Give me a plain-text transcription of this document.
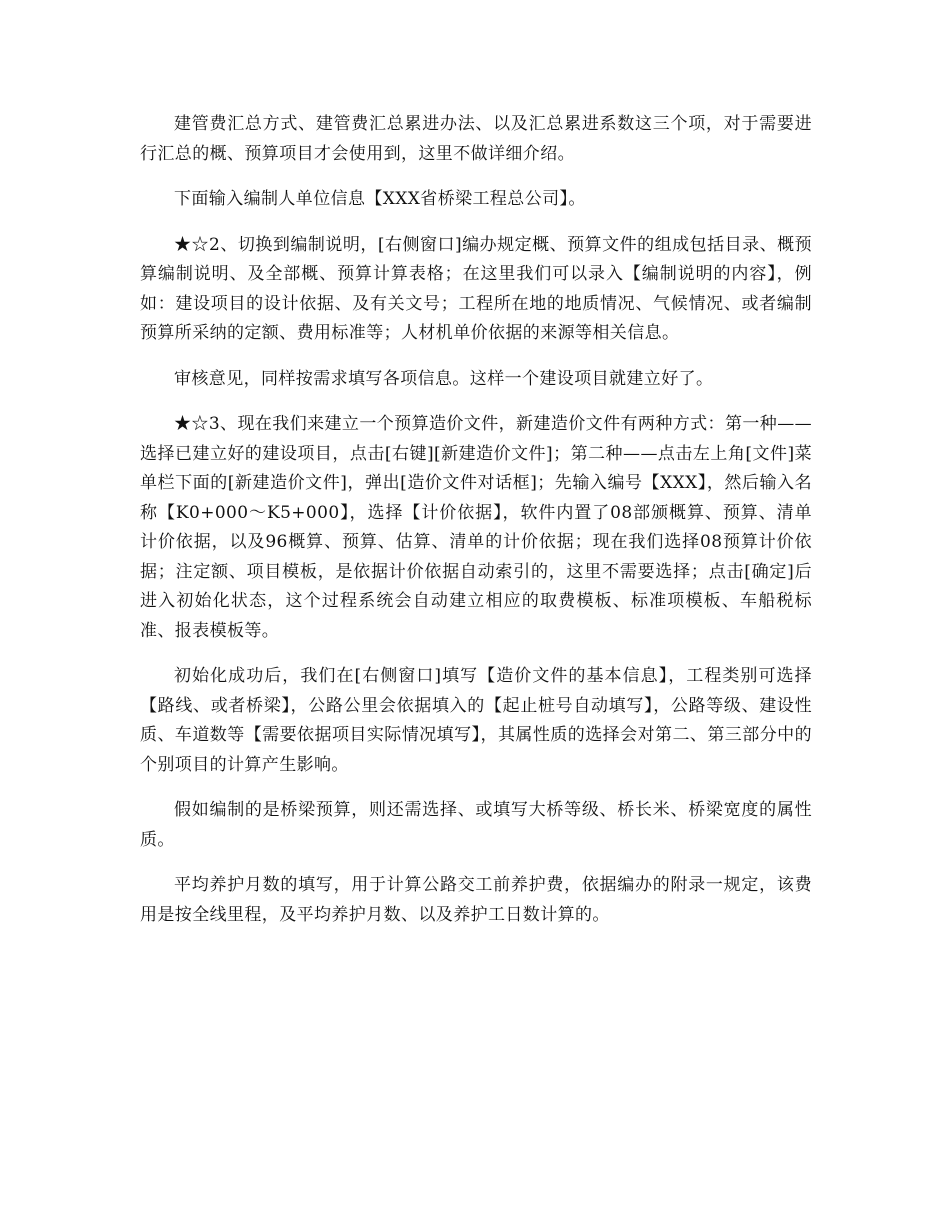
建管费汇总方式、建管费汇总累进办法、以及汇总累进系数这三个项，对于需要进行汇总的概、预算项目才会使用到，这里不做详细介绍。

下面输入编制人单位信息【XXX省桥梁工程总公司】。

★☆2、切换到编制说明，[右侧窗口]编办规定概、预算文件的组成包括目录、概预算编制说明、及全部概、预算计算表格；在这里我们可以录入【编制说明的内容】，例如：建设项目的设计依据、及有关文号；工程所在地的地质情况、气候情况、或者编制预算所采纳的定额、费用标准等；人材机单价依据的来源等相关信息。

审核意见，同样按需求填写各项信息。这样一个建设项目就建立好了。

★☆3、现在我们来建立一个预算造价文件，新建造价文件有两种方式：第一种——选择已建立好的建设项目，点击[右键][新建造价文件]；第二种——点击左上角[文件]菜单栏下面的[新建造价文件]，弹出[造价文件对话框]；先输入编号【XXX】，然后输入名称【K0+000～K5+000】，选择【计价依据】，软件内置了08部颁概算、预算、清单计价依据，以及96概算、预算、估算、清单的计价依据；现在我们选择08预算计价依据；注定额、项目模板，是依据计价依据自动索引的，这里不需要选择；点击[确定]后进入初始化状态，这个过程系统会自动建立相应的取费模板、标准项模板、车船税标准、报表模板等。

初始化成功后，我们在[右侧窗口]填写【造价文件的基本信息】，工程类别可选择【路线、或者桥梁】，公路公里会依据填入的【起止桩号自动填写】，公路等级、建设性质、车道数等【需要依据项目实际情况填写】，其属性质的选择会对第二、第三部分中的个别项目的计算产生影响。

假如编制的是桥梁预算，则还需选择、或填写大桥等级、桥长米、桥梁宽度的属性质。

平均养护月数的填写，用于计算公路交工前养护费，依据编办的附录一规定，该费用是按全线里程，及平均养护月数、以及养护工日数计算的。
